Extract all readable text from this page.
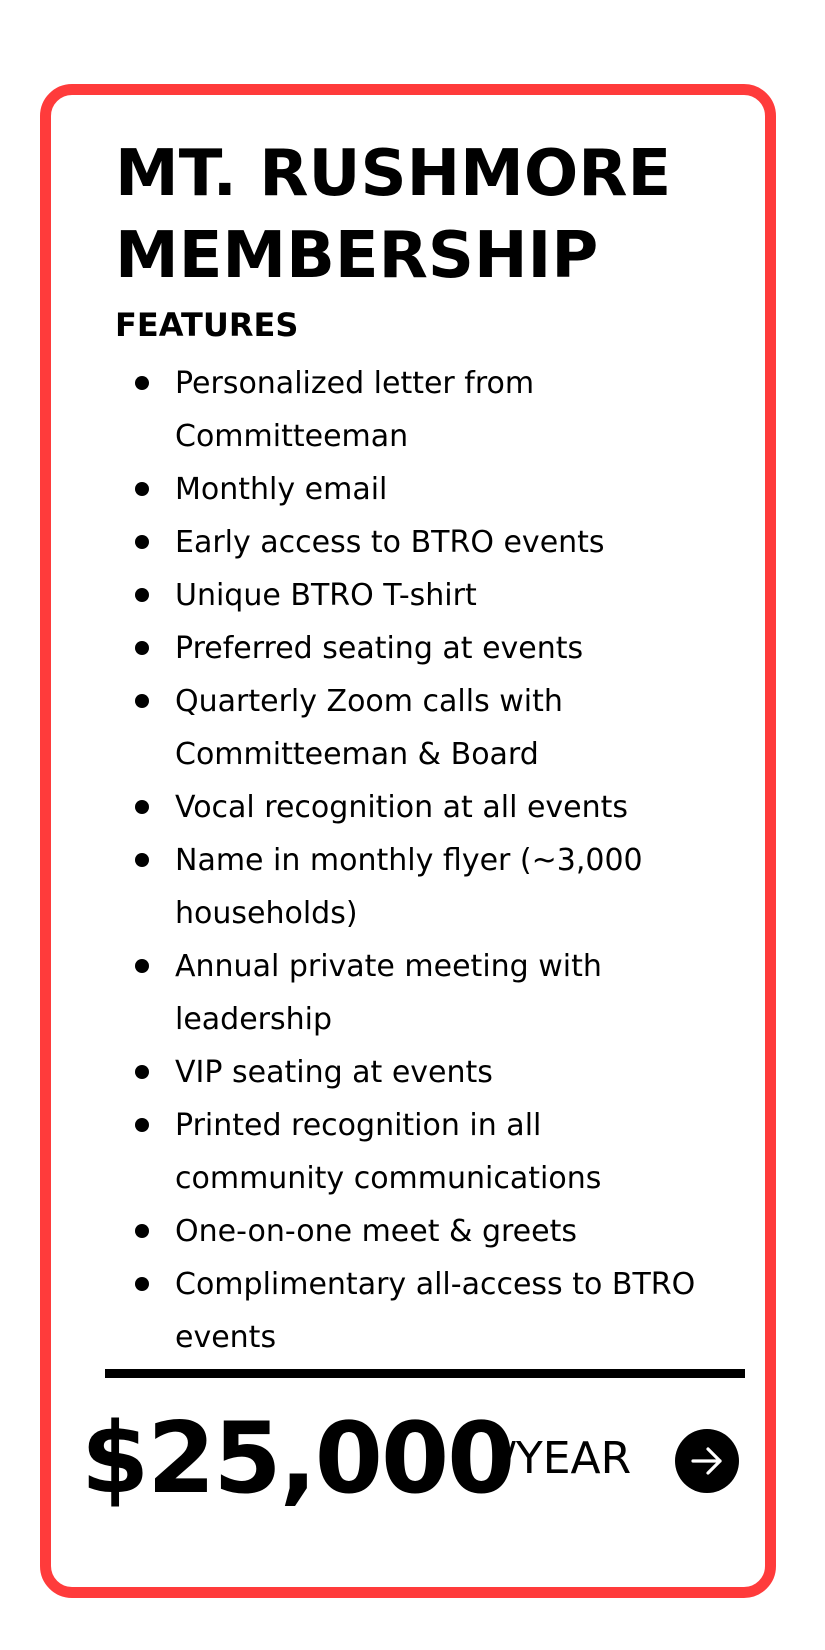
MT. RUSHMORE
MEMBERSHIP
FEATURES
Personalized letter from Committeeman
Monthly email
Early access to BTRO events
Unique BTRO T-shirt
Preferred seating at events
Quarterly Zoom calls with Committeeman & Board
Vocal recognition at all events
Name in monthly flyer (~3,000 households)
Annual private meeting with leadership
VIP seating at events
Printed recognition in all community communications
One-on-one meet & greets
Complimentary all-access to BTRO events
$25,000
/YEAR
